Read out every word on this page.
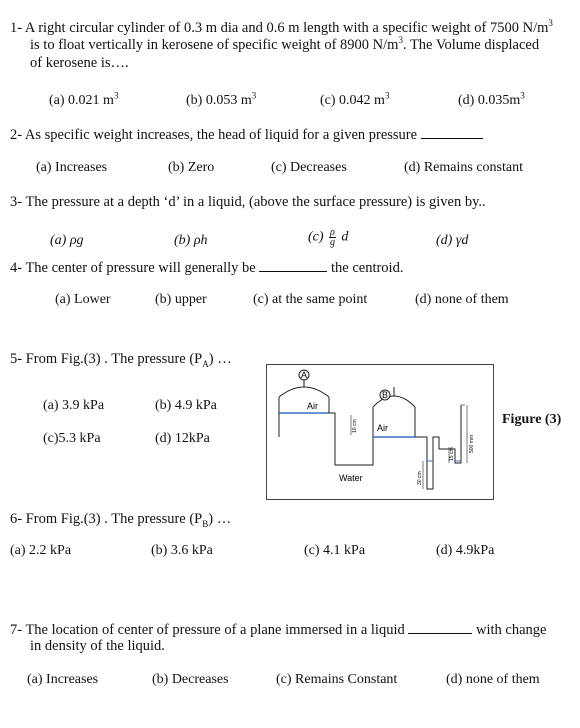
1- A right circular cylinder of 0.3 m dia and 0.6 m length with a specific weight of 7500 $N/m^3$
is to float vertically in kerosene of specific weight of 8900 $N/m^3$. The Volume displaced
of kerosene is….
(a) 0.021 $m^3$	(b) 0.053 $m^3$	(c) 0.042 $m^3$	(d) $0.035m^3$
2- As specific weight increases, the head of liquid for a given pressure
(a) Increases	(b) Zero	(c) Decreases	(d) Remains constant
3- The pressure at a depth ‘d’ in a liquid, (above the surface pressure) is given by..
(a) ρg	(b) ρh	$(c) \frac{\rho}{g}$ d	(d) γd
4- The center of pressure will generally be	the centroid.
(a) Lower	(b) upper	(c) at the same point	(d) none of them
5- From Fig.(3) . The pressure $(P_A)$ …
(a) 3.9 kPa	(b) 4.9 kPa
(c)5.3 kPa	(d) 12kPa
A
Air
Water
10 cm
B
Air
30 cm
500 mm
15 cm
Figure (3)
6- From Fig.(3) . The pressure $(P_B)$ …
(a) 2.2 kPa	(b) 3.6 kPa	(c) 4.1 kPa	(d) 4.9kPa
7- The location of center of pressure of a plane immersed in a liquid	with change
in density of the liquid.
(a) Increases	(b) Decreases	(c) Remains Constant	(d) none of them
